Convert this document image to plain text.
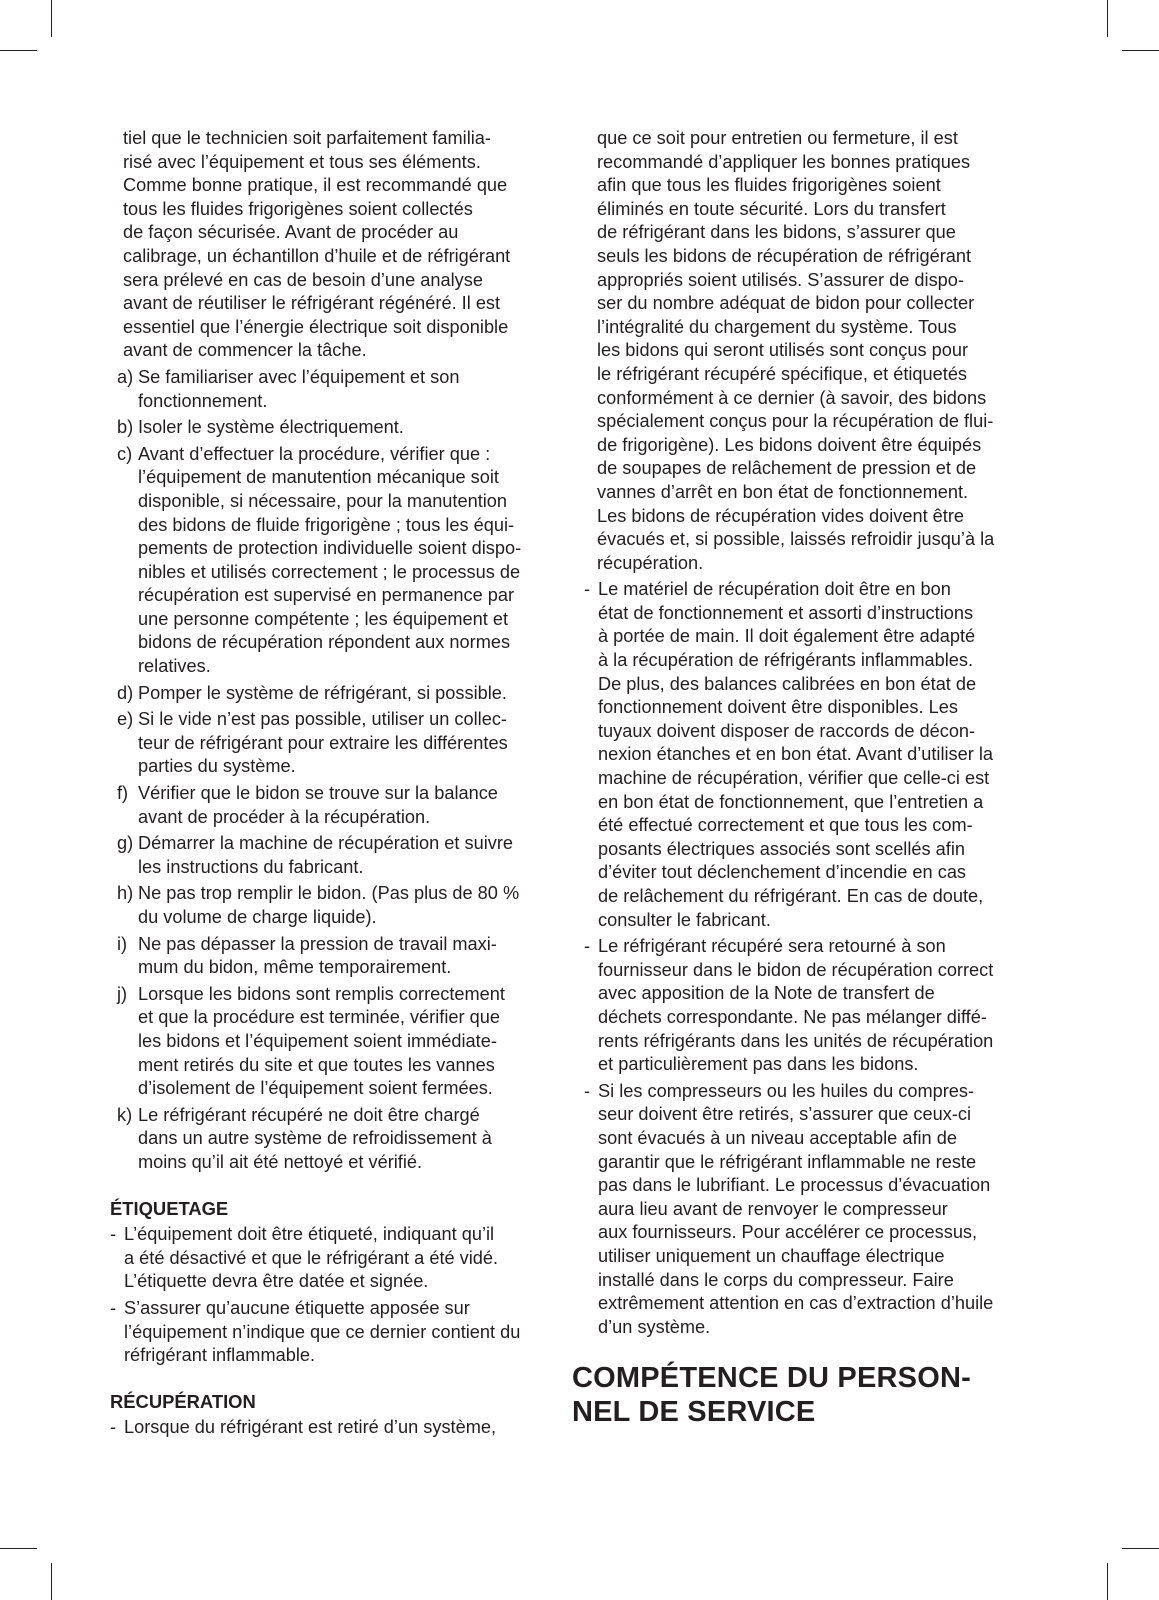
tiel que le technicien soit parfaitement familia-
risé avec l’équipement et tous ses éléments.
Comme bonne pratique, il est recommandé que
tous les fluides frigorigènes soient collectés
de façon sécurisée. Avant de procéder au
calibrage, un échantillon d’huile et de réfrigérant
sera prélevé en cas de besoin d’une analyse
avant de réutiliser le réfrigérant régénéré. Il est
essentiel que l’énergie électrique soit disponible
avant de commencer la tâche.
a) Se familiariser avec l’équipement et son
fonctionnement.
b) Isoler le système électriquement.
c) Avant d’effectuer la procédure, vérifier que :
l’équipement de manutention mécanique soit
disponible, si nécessaire, pour la manutention
des bidons de fluide frigorigène ; tous les équi-
pements de protection individuelle soient dispo-
nibles et utilisés correctement ; le processus de
récupération est supervisé en permanence par
une personne compétente ; les équipement et
bidons de récupération répondent aux normes
relatives.
d) Pomper le système de réfrigérant, si possible.
e) Si le vide n’est pas possible, utiliser un collec-
teur de réfrigérant pour extraire les différentes
parties du système.
f) Vérifier que le bidon se trouve sur la balance
avant de procéder à la récupération.
g) Démarrer la machine de récupération et suivre
les instructions du fabricant.
h) Ne pas trop remplir le bidon. (Pas plus de 80 %
du volume de charge liquide).
i) Ne pas dépasser la pression de travail maxi-
mum du bidon, même temporairement.
j) Lorsque les bidons sont remplis correctement
et que la procédure est terminée, vérifier que
les bidons et l’équipement soient immédiate-
ment retirés du site et que toutes les vannes
d’isolement de l’équipement soient fermées.
k) Le réfrigérant récupéré ne doit être chargé
dans un autre système de refroidissement à
moins qu’il ait été nettoyé et vérifié.
ÉTIQUETAGE
- L’équipement doit être étiqueté, indiquant qu’il
a été désactivé et que le réfrigérant a été vidé.
L’étiquette devra être datée et signée.
- S’assurer qu’aucune étiquette apposée sur
l’équipement n’indique que ce dernier contient du
réfrigérant inflammable.
RÉCUPÉRATION
- Lorsque du réfrigérant est retiré d’un système,
que ce soit pour entretien ou fermeture, il est
recommandé d’appliquer les bonnes pratiques
afin que tous les fluides frigorigènes soient
éliminés en toute sécurité. Lors du transfert
de réfrigérant dans les bidons, s’assurer que
seuls les bidons de récupération de réfrigérant
appropriés soient utilisés. S’assurer de dispo-
ser du nombre adéquat de bidon pour collecter
l’intégralité du chargement du système. Tous
les bidons qui seront utilisés sont conçus pour
le réfrigérant récupéré spécifique, et étiquetés
conformément à ce dernier (à savoir, des bidons
spécialement conçus pour la récupération de flui-
de frigorigène). Les bidons doivent être équipés
de soupapes de relâchement de pression et de
vannes d’arrêt en bon état de fonctionnement.
Les bidons de récupération vides doivent être
évacués et, si possible, laissés refroidir jusqu’à la
récupération.
- Le matériel de récupération doit être en bon
état de fonctionnement et assorti d’instructions
à portée de main. Il doit également être adapté
à la récupération de réfrigérants inflammables.
De plus, des balances calibrées en bon état de
fonctionnement doivent être disponibles. Les
tuyaux doivent disposer de raccords de décon-
nexion étanches et en bon état. Avant d’utiliser la
machine de récupération, vérifier que celle-ci est
en bon état de fonctionnement, que l’entretien a
été effectué correctement et que tous les com-
posants électriques associés sont scellés afin
d’éviter tout déclenchement d’incendie en cas
de relâchement du réfrigérant. En cas de doute,
consulter le fabricant.
- Le réfrigérant récupéré sera retourné à son
fournisseur dans le bidon de récupération correct
avec apposition de la Note de transfert de
déchets correspondante. Ne pas mélanger diffé-
rents réfrigérants dans les unités de récupération
et particulièrement pas dans les bidons.
- Si les compresseurs ou les huiles du compres-
seur doivent être retirés, s’assurer que ceux-ci
sont évacués à un niveau acceptable afin de
garantir que le réfrigérant inflammable ne reste
pas dans le lubrifiant. Le processus d’évacuation
aura lieu avant de renvoyer le compresseur
aux fournisseurs. Pour accélérer ce processus,
utiliser uniquement un chauffage électrique
installé dans le corps du compresseur. Faire
extrêmement attention en cas d’extraction d’huile
d’un système.
COMPÉTENCE DU PERSON-
NEL DE SERVICE
